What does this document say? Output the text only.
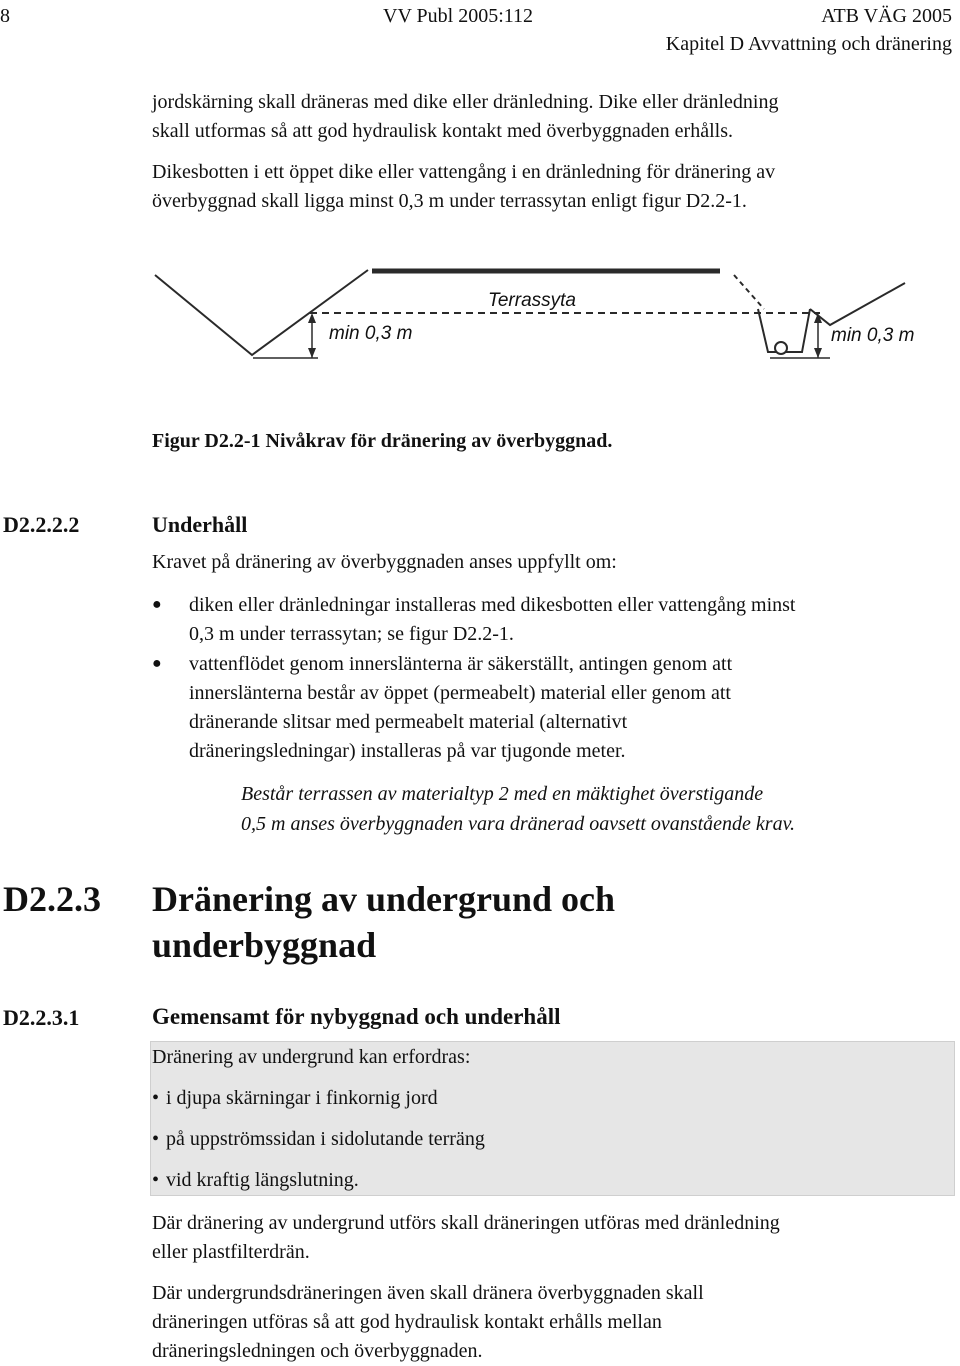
8	VV Publ 2005:112	ATB VÄG 2005
Kapitel D Avvattning och dränering
jordskärning skall dräneras med dike eller dränledning. Dike eller dränledning
skall utformas så att god hydraulisk kontakt med överbyggnaden erhålls.
Dikesbotten i ett öppet dike eller vattengång i en dränledning för dränering av
överbyggnad skall ligga minst 0,3 m under terrassytan enligt figur D2.2-1.
Terrassyta
min 0,3 m	min 0,3 m
Figur D2.2-1 Nivåkrav för dränering av överbyggnad.
D2.2.2.2	Underhåll
Kravet på dränering av överbyggnaden anses uppfyllt om:
● diken eller dränledningar installeras med dikesbotten eller vattengång minst
0,3 m under terrassytan; se figur D2.2-1.
● vattenflödet genom innerslänterna är säkerställt, antingen genom att
innerslänterna består av öppet (permeabelt) material eller genom att
dränerande slitsar med permeabelt material (alternativt
dräneringsledningar) installeras på var tjugonde meter.
Består terrassen av materialtyp 2 med en mäktighet överstigande
0,5 m anses överbyggnaden vara dränerad oavsett ovanstående krav.
D2.2.3 Dränering av undergrund och
underbyggnad
D2.2.3.1	Gemensamt för nybyggnad och underhåll
Dränering av undergrund kan erfordras:
• i djupa skärningar i finkornig jord
• på uppströmssidan i sidolutande terräng
• vid kraftig längslutning.
Där dränering av undergrund utförs skall dräneringen utföras med dränledning
eller plastfilterdrän.
Där undergrundsdräneringen även skall dränera överbyggnaden skall
dräneringen utföras så att god hydraulisk kontakt erhålls mellan
dräneringsledningen och överbyggnaden.
